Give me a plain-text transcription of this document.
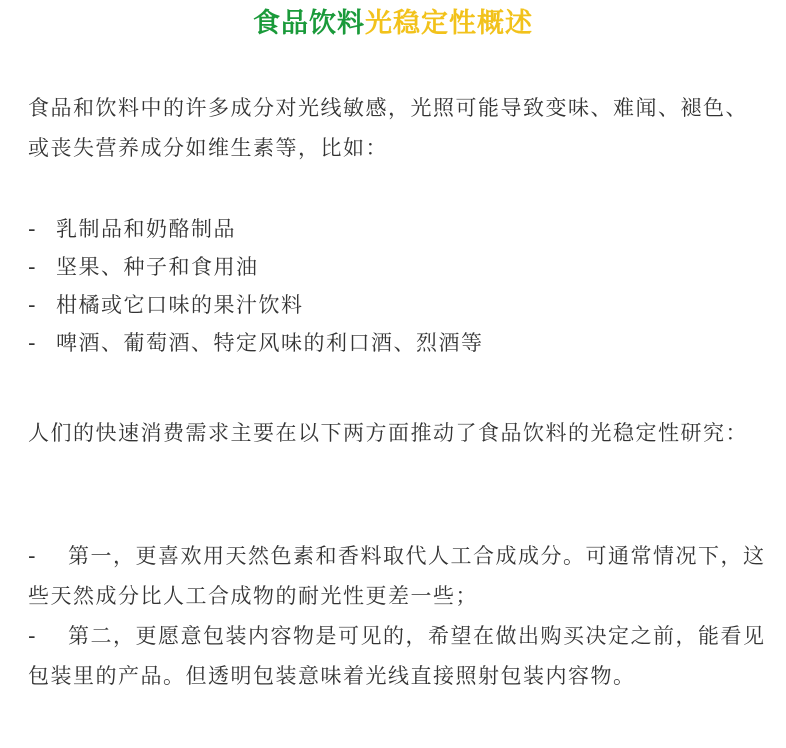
食品饮料光稳定性概述

食品和饮料中的许多成分对光线敏感，光照可能导致变味、难闻、褪色、或丧失营养成分如维生素等，比如：

- 乳制品和奶酪制品
- 坚果、种子和食用油
- 柑橘或它口味的果汁饮料
- 啤酒、葡萄酒、特定风味的利口酒、烈酒等

人们的快速消费需求主要在以下两方面推动了食品饮料的光稳定性研究：

- 第一，更喜欢用天然色素和香料取代人工合成成分。可通常情况下，这些天然成分比人工合成物的耐光性更差一些；
- 第二，更愿意包装内容物是可见的，希望在做出购买决定之前，能看见包装里的产品。但透明包装意味着光线直接照射包装内容物。
